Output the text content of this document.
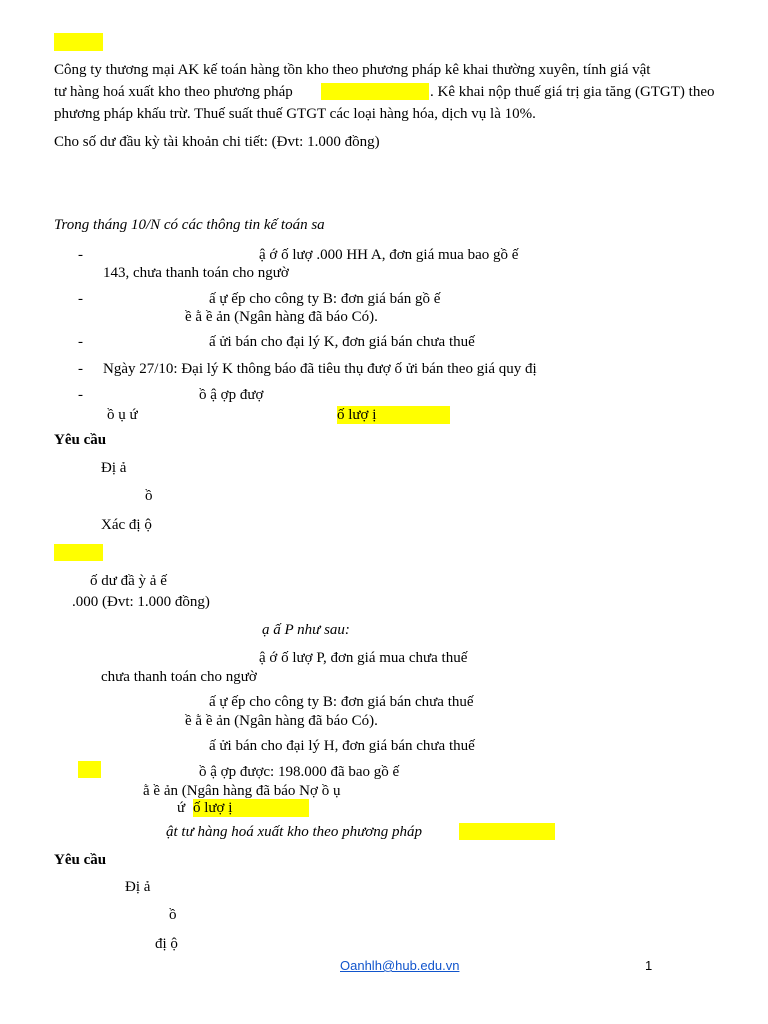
Công ty thương mại AK kế toán hàng tồn kho theo phương pháp kê khai thường xuyên, tính giá vật
tư hàng hoá xuất kho theo phương pháp	. Kê khai nộp thuế giá trị gia tăng (GTGT) theo
phương pháp khấu trừ. Thuế suất thuế GTGT các loại hàng hóa, dịch vụ là 10%.
Cho số dư đầu kỳ tài khoản chi tiết: (Đvt: 1.000 đồng)
Trong tháng 10/N có các thông tin kế toán sa
-	ậ ớ ố lượ .000 HH A, đơn giá mua bao gồ ế
143, chưa thanh toán cho ngườ
-	ấ ự ếp cho công ty B: đơn giá bán gồ ế
ề ằ ề ản (Ngân hàng đã báo Có).
-	ấ ửi bán cho đại lý K, đơn giá bán chưa thuế
- Ngày 27/10: Đại lý K thông báo đã tiêu thụ đượ ố ửi bán theo giá quy đị
-	ồ ậ ợp đượ
ồ ụ ứ	ố lượ ị
Yêu cầu
Đị ả
ồ
Xác đị ộ
ố dư đầ ỳ ả ế
.000 (Đvt: 1.000 đồng)
ạ ấ P như sau:
ậ ớ ố lượ P, đơn giá mua chưa thuế
chưa thanh toán cho ngườ
ấ ự ếp cho công ty B: đơn giá bán chưa thuế
ề ằ ề ản (Ngân hàng đã báo Có).
ấ ửi bán cho đại lý H, đơn giá bán chưa thuế
ồ ậ ợp được: 198.000 đã bao gồ ế
ằ ề ản (Ngân hàng đã báo Nợ ồ ụ
ứ ố lượ ị
ật tư hàng hoá xuất kho theo phương pháp
Yêu cầu
Đị ả
ồ
đị ộ
Oanhlh@hub.edu.vn	1
